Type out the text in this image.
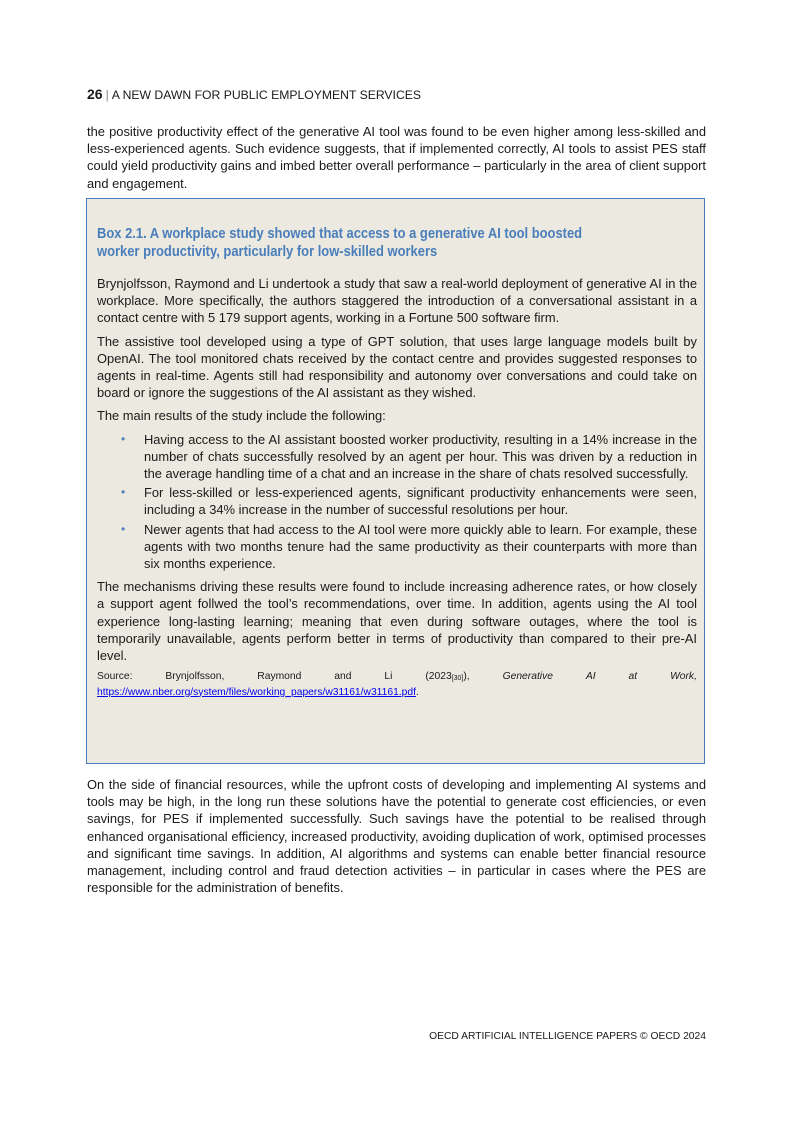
26 | A NEW DAWN FOR PUBLIC EMPLOYMENT SERVICES

the positive productivity effect of the generative AI tool was found to be even higher among less-skilled and less-experienced agents. Such evidence suggests, that if implemented correctly, AI tools to assist PES staff could yield productivity gains and imbed better overall performance – particularly in the area of client support and engagement.

Box 2.1. A workplace study showed that access to a generative AI tool boosted worker productivity, particularly for low-skilled workers

Brynjolfsson, Raymond and Li undertook a study that saw a real-world deployment of generative AI in the workplace. More specifically, the authors staggered the introduction of a conversational assistant in a contact centre with 5 179 support agents, working in a Fortune 500 software firm.

The assistive tool developed using a type of GPT solution, that uses large language models built by OpenAI. The tool monitored chats received by the contact centre and provides suggested responses to agents in real-time. Agents still had responsibility and autonomy over conversations and could take on board or ignore the suggestions of the AI assistant as they wished.

The main results of the study include the following:

• Having access to the AI assistant boosted worker productivity, resulting in a 14% increase in the number of chats successfully resolved by an agent per hour. This was driven by a reduction in the average handling time of a chat and an increase in the share of chats resolved successfully.
• For less-skilled or less-experienced agents, significant productivity enhancements were seen, including a 34% increase in the number of successful resolutions per hour.
• Newer agents that had access to the AI tool were more quickly able to learn. For example, these agents with two months tenure had the same productivity as their counterparts with more than six months experience.

The mechanisms driving these results were found to include increasing adherence rates, or how closely a support agent follwed the tool’s recommendations, over time. In addition, agents using the AI tool experience long-lasting learning; meaning that even during software outages, where the tool is temporarily unavailable, agents perform better in terms of productivity than compared to their pre-AI level.

Source:	Brynjolfsson,	Raymond	and	Li	$(2023_{[30]})$,	Generative	AI	at	Work,
https://www.nber.org/system/files/working_papers/w31161/w31161.pdf.

On the side of financial resources, while the upfront costs of developing and implementing AI systems and tools may be high, in the long run these solutions have the potential to generate cost efficiencies, or even savings, for PES if implemented successfully. Such savings have the potential to be realised through enhanced organisational efficiency, increased productivity, avoiding duplication of work, optimised processes and significant time savings. In addition, AI algorithms and systems can enable better financial resource management, including control and fraud detection activities – in particular in cases where the PES are responsible for the administration of benefits.

OECD ARTIFICIAL INTELLIGENCE PAPERS © OECD 2024
